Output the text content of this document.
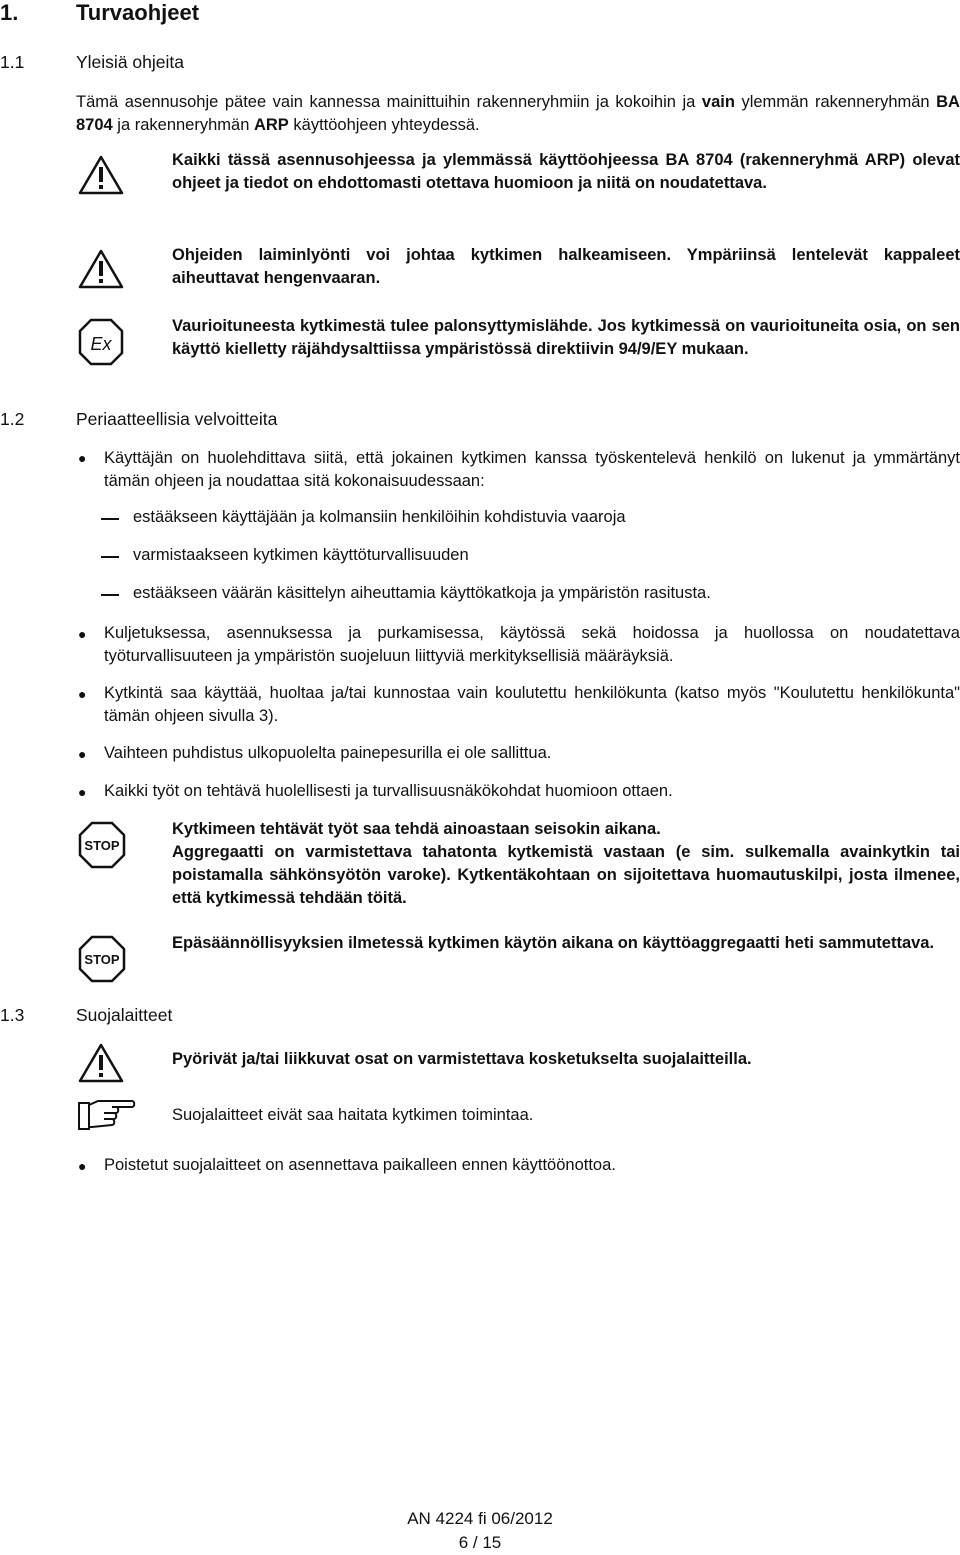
1.	Turvaohjeet
1.1	Yleisiä ohjeita
Tämä asennusohje pätee vain kannessa mainittuihin rakenneryhmiin ja kokoihin ja vain ylemmän rakenneryhmän BA 8704 ja rakenneryhmän ARP käyttöohjeen yhteydessä.
Kaikki tässä asennusohjeessa ja ylemmässä käyttöohjeessa BA 8704 (rakenneryhmä ARP) olevat ohjeet ja tiedot on ehdottomasti otettava huomioon ja niitä on noudatettava.
Ohjeiden laiminlyönti voi johtaa kytkimen halkeamiseen. Ympäriinsä lentelevät kappaleet aiheuttavat hengenvaaran.
Ex
Vaurioituneesta kytkimestä tulee palonsyttymislähde. Jos kytkimessä on vaurioituneita osia, on sen käyttö kielletty räjähdysalttiissa ympäristössä direktiivin 94/9/EY mukaan.
1.2	Periaatteellisia velvoitteita
● Käyttäjän on huolehdittava siitä, että jokainen kytkimen kanssa työskentelevä henkilö on lukenut ja ymmärtänyt tämän ohjeen ja noudattaa sitä kokonaisuudessaan:
estääkseen käyttäjään ja kolmansiin henkilöihin kohdistuvia vaaroja
varmistaakseen kytkimen käyttöturvallisuuden
estääkseen väärän käsittelyn aiheuttamia käyttökatkoja ja ympäristön rasitusta.
● Kuljetuksessa, asennuksessa ja purkamisessa, käytössä sekä hoidossa ja huollossa on noudatettava työturvallisuuteen ja ympäristön suojeluun liittyviä merkityksellisiä määräyksiä.
● Kytkintä saa käyttää, huoltaa ja/tai kunnostaa vain koulutettu henkilökunta (katso myös "Koulutettu henkilökunta" tämän ohjeen sivulla 3).
● Vaihteen puhdistus ulkopuolelta painepesurilla ei ole sallittua.
● Kaikki työt on tehtävä huolellisesti ja turvallisuusnäkökohdat huomioon ottaen.
STOP
Kytkimeen tehtävät työt saa tehdä ainoastaan seisokin aikana.
Aggregaatti on varmistettava tahatonta kytkemistä vastaan (e sim. sulkemalla avainkytkin tai poistamalla sähkönsyötön varoke). Kytkentäkohtaan on sijoitettava huomautuskilpi, josta ilmenee, että kytkimessä tehdään töitä.
STOP
Epäsäännöllisyyksien ilmetessä kytkimen käytön aikana on käyttöaggregaatti heti sammutettava.
1.3	Suojalaitteet
Pyörivät ja/tai liikkuvat osat on varmistettava kosketukselta suojalaitteilla.
Suojalaitteet eivät saa haitata kytkimen toimintaa.
● Poistetut suojalaitteet on asennettava paikalleen ennen käyttöönottoa.
AN 4224 fi 06/2012
6 / 15
